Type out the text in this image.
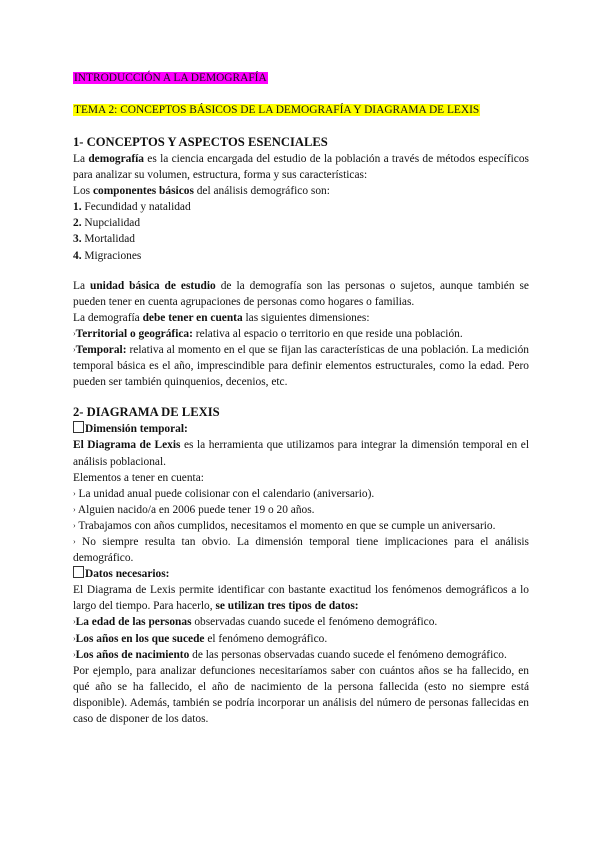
INTRODUCCIÓN A LA DEMOGRAFÍA
TEMA 2: CONCEPTOS BÁSICOS DE LA DEMOGRAFÍA Y DIAGRAMA DE LEXIS
1- CONCEPTOS Y ASPECTOS ESENCIALES

La demografía es la ciencia encargada del estudio de la población a través de métodos específicos para analizar su volumen, estructura, forma y sus características:

Los componentes básicos del análisis demográfico son:

1. Fecundidad y natalidad

2. Nupcialidad

3. Mortalidad

4. Migraciones

La unidad básica de estudio de la demografía son las personas o sujetos, aunque también se pueden tener en cuenta agrupaciones de personas como hogares o familias.

La demografía debe tener en cuenta las siguientes dimensiones:

›Territorial o geográfica: relativa al espacio o territorio en que reside una población.

›Temporal: relativa al momento en el que se fijan las características de una población. La medición temporal básica es el año, imprescindible para definir elementos estructurales, como la edad. Pero pueden ser también quinquenios, decenios, etc.

2- DIAGRAMA DE LEXIS

Dimensión temporal:

El Diagrama de Lexis es la herramienta que utilizamos para integrar la dimensión temporal en el análisis poblacional.

Elementos a tener en cuenta:

› La unidad anual puede colisionar con el calendario (aniversario).

› Alguien nacido/a en 2006 puede tener 19 o 20 años.

› Trabajamos con años cumplidos, necesitamos el momento en que se cumple un aniversario.

› No siempre resulta tan obvio. La dimensión temporal tiene implicaciones para el análisis demográfico.

Datos necesarios:

El Diagrama de Lexis permite identificar con bastante exactitud los fenómenos demográficos a lo largo del tiempo. Para hacerlo, se utilizan tres tipos de datos:

›La edad de las personas observadas cuando sucede el fenómeno demográfico.

›Los años en los que sucede el fenómeno demográfico.

›Los años de nacimiento de las personas observadas cuando sucede el fenómeno demográfico.

Por ejemplo, para analizar defunciones necesitaríamos saber con cuántos años se ha fallecido, en qué año se ha fallecido, el año de nacimiento de la persona fallecida (esto no siempre está disponible). Además, también se podría incorporar un análisis del número de personas fallecidas en caso de disponer de los datos.
